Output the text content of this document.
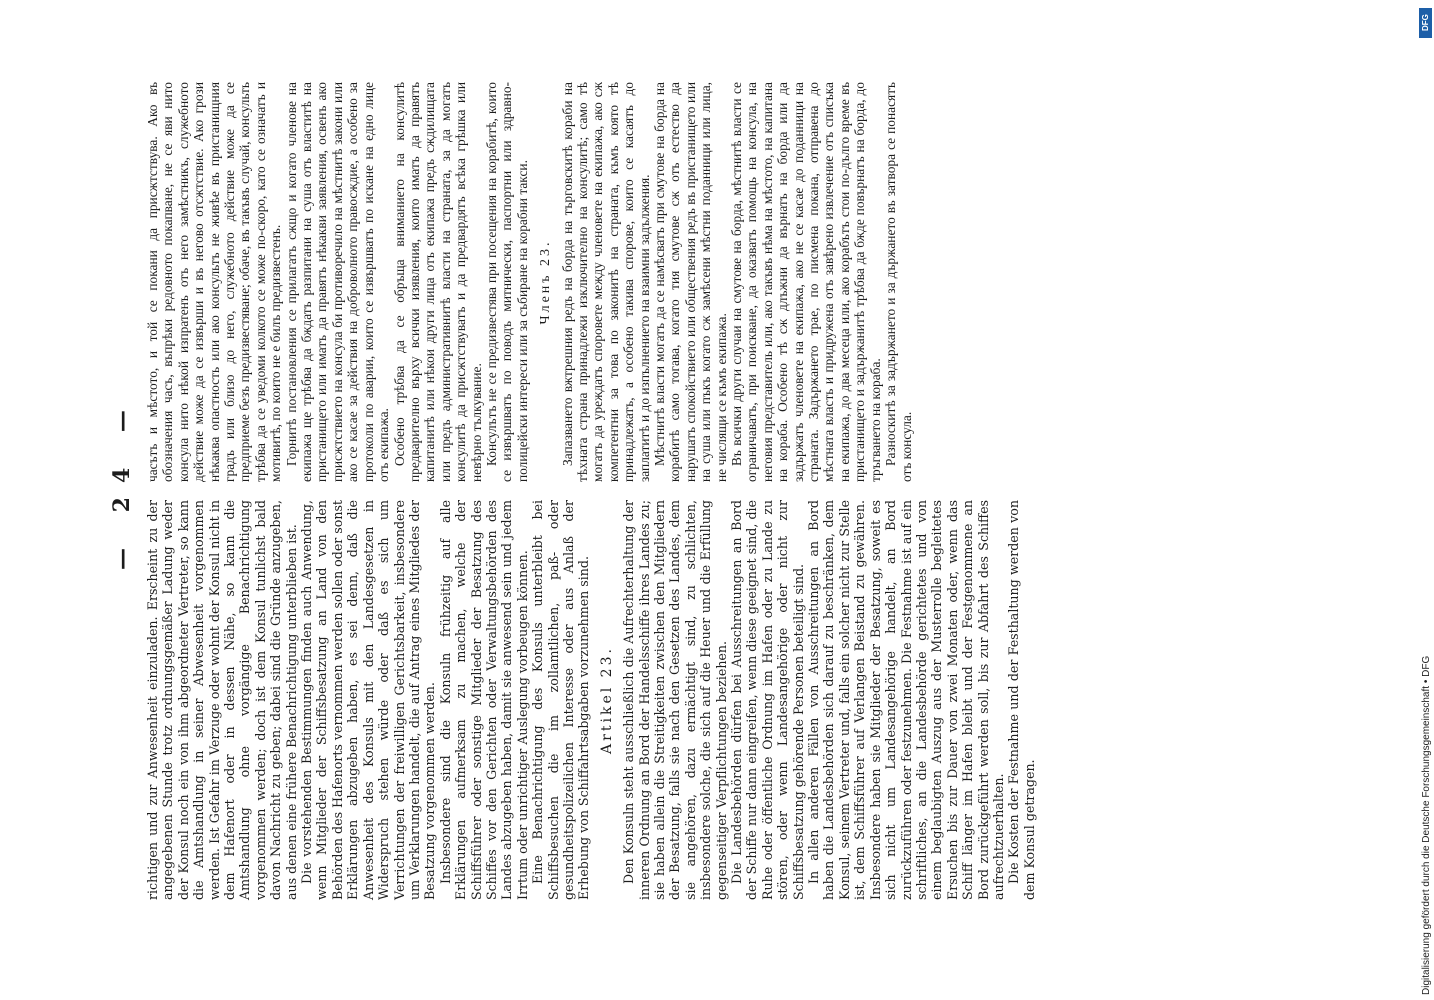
— 24 —

richtigen und zur Anwesenheit einzuladen. Erscheint zu der angegebenen Stunde trotz ordnungsgemäßer Ladung weder der Konsul noch ein von ihm abgeordneter Vertreter, so kann die Amtshandlung in seiner Abwesenheit vorgenommen werden. Ist Gefahr im Verzuge oder wohnt der Konsul nicht in dem Hafenort oder in dessen Nähe, so kann die Amtshandlung ohne vorgängige Benachrichtigung vorgenommen werden; doch ist dem Konsul tunlichst bald davon Nachricht zu geben; dabei sind die Gründe anzugeben, aus denen eine frühere Benachrichtigung unterblieben ist. Die vorstehenden Bestimmungen finden auch Anwendung, wenn Mitglieder der Schiffsbesatzung an Land von den Behörden des Hafenorts vernommen werden sollen oder sonst Erklärungen abzugeben haben, es sei denn, daß die Anwesenheit des Konsuls mit den Landesgesetzen in Widerspruch stehen würde oder daß es sich um Verrichtungen der freiwilligen Gerichtsbarkeit, insbesondere um Verklarungen handelt, die auf Antrag eines Mitgliedes der Besatzung vorgenommen werden. Insbesondere sind die Konsuln frühzeitig auf alle Erklärungen aufmerksam zu machen, welche der Schiffsführer oder sonstige Mitglieder der Besatzung des Schiffes vor den Gerichten oder Verwaltungsbehörden des Landes abzugeben haben, damit sie anwesend sein und jedem Irrtum oder unrichtiger Auslegung vorbeugen können. Eine Benachrichtigung des Konsuls unterbleibt bei Schiffsbesuchen die im zollamtlichen, paß- oder gesundheitspolizeilichen Interesse oder aus Anlaß der Erhebung von Schiffahrtsabgaben vorzunehmen sind. Artikel 23. Den Konsuln steht ausschließlich die Aufrechterhaltung der inneren Ordnung an Bord der Handelsschiffe ihres Landes zu; sie haben allein die Streitigkeiten zwischen den Mitgliedern der Besatzung, falls sie nach den Gesetzen des Landes, dem sie angehören, dazu ermächtigt sind, zu schlichten, insbesondere solche, die sich auf die Heuer und die Erfüllung gegenseitiger Verpflichtungen beziehen. Die Landesbehörden dürfen bei Ausschreitungen an Bord der Schiffe nur dann eingreifen, wenn diese geeignet sind, die Ruhe oder öffentliche Ordnung im Hafen oder zu Lande zu stören, oder wenn Landesangehörige oder nicht zur Schiffsbesatzung gehörende Personen beteiligt sind. In allen anderen Fällen von Ausschreitungen an Bord haben die Landesbehörden sich darauf zu beschränken, dem Konsul, seinem Vertreter und, falls ein solcher nicht zur Stelle ist, dem Schiffsführer auf Verlangen Beistand zu gewähren. Insbesondere haben sie Mitglieder der Besatzung, soweit es sich nicht um Landesangehörige handelt, an Bord zurückzuführen oder festzunehmen. Die Festnahme ist auf ein schriftliches, an die Landesbehörde gerichtetes und von einem beglaubigten Auszug aus der Musterrolle begleitetes Ersuchen bis zur Dauer von zwei Monaten oder, wenn das Schiff länger im Hafen bleibt und der Festgenommene an Bord zurückgeführt werden soll, bis zur Abfahrt des Schiffes aufrechtzuerhalten. Die Kosten der Festnahme und der Festhaltung werden von dem Konsul getragen.

часътъ и мѣстото, и той се покани да присжтствува. Ако въ обозначения часъ, въпрѣки редовното покапване, не се яви нито консула нито нѣкой изпратенъ отъ него замѣстникъ, служебното действие може да се извърши и въ негово отсжтствие. Ако грози нѣкаква опастность или ако консультъ не живѣе въ пристанищния градъ или близо до него, служебното действие може да се предприеме безъ предизвестяване; обаче, въ такъвъ случай, консульть трѣбва да се уведоми колкото се може по-скоро, като се означатъ и мотивитѣ, по които не е билъ предизвестенъ. Горнитѣ постановления се прилагатъ сжщо и когато членове на екипажа ще трѣбва да бждатъ разпитани на суша отъ властитѣ на пристанището или иматъ да правятъ нѣкакви заявления, освенъ ако присжтствието на консула би противоречило на мѣстнитѣ закони или ако се касае за действия на доброволното правосждие, а особено за протоколи по аварии, които се извършватъ по искане на едно лице отъ екипажа. Особено трѣбва да се обръща вниманието на консулитѣ предварително върху всички изявления, които иматъ да правятъ капитанитѣ или нѣкои други лица отъ екипажа предъ сждилищата или предъ административнитѣ власти на страната, за да могатъ консулитѣ да присжтствуватъ и да предвардятъ всѣка грѣшка или невѣрно тълкувание. Консулътъ не се предизвестява при посещения на корабитѣ, които се извършватъ по поводъ митнически, паспортни или здравно-полицейски интереси или за събиране на корабни такси. Членъ 23. Запазването вжтрешния редъ на борда на търговскитѣ кораби на тѣхната страна принадлежи изключително на консулитѣ; само тѣ могатъ да уреждатъ споровете между членовете на екипажа, ако сж компетентни за това по законитѣ на страната, къмъ която тѣ принадлежатъ, а особено такива спорове, които се касаятъ до заплатитѣ и до изпълнението на взаимни задължения. Мѣстнитѣ власти могатъ да се намѣсватъ при смутове на борда на корабитѣ само тогава, когато тия смутове сж отъ естество да нарушатъ спокойствието или обществения редъ въ пристанището или на суша или пъкъ когато сж замѣсени мѣстни поданници или лица, не числящи се къмъ екипажа. Въ всички други случаи на смутове на борда, мѣстнитѣ власти се ограничаватъ, при поискване, да оказватъ помощь на консула, на неговия представитель или, ако такъвъ нѣма на мѣстото, на капитана на кораба. Особено тѣ сж длъжни да върнатъ на борда или да задържатъ членовете на екипажа, ако не се касае до поданници на страната. Задържането трае, по писмена покана, отправена до мѣстната власть и придружена отъ завѣрено извлечение отъ списъка на екипажа, до два месеца или, ако корабътъ стои по-дълго време въ пристанището и задържанитѣ трѣбва да бжде повърнатъ на борда, до тръгването на кораба. Разноскитѣ за задържането и за държането въ затвора се понасятъ отъ консула.

DFG
Digitalisierung gefördert durch die Deutsche Forschungsgemeinschaft • DFG
